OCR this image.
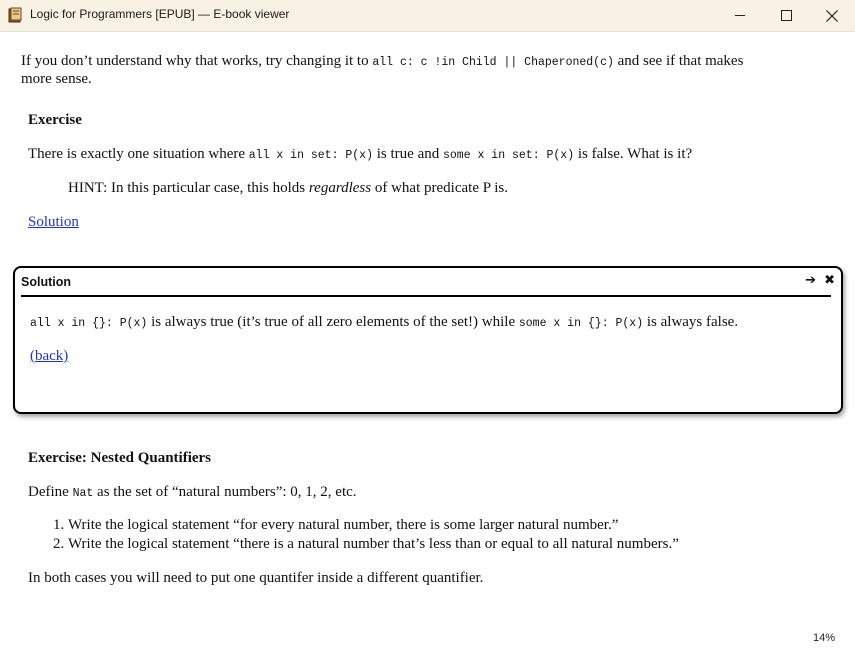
Logic for Programmers [EPUB] — E-book viewer
If you don’t understand why that works, try changing it to all c: c !in Child || Chaperoned(c) and see if that makes
more sense.
Exercise
There is exactly one situation where all x in set: P(x) is true and some x in set: P(x) is false. What is it?
HINT: In this particular case, this holds regardless of what predicate P is.
Solution
Solution	➔ ✖
all x in {}: P(x) is always true (it’s true of all zero elements of the set!) while some x in {}: P(x) is always false.
(back)
Exercise: Nested Quantifiers
Define Nat as the set of “natural numbers”: 0, 1, 2, etc.
1. Write the logical statement “for every natural number, there is some larger natural number.”
2. Write the logical statement “there is a natural number that’s less than or equal to all natural numbers.”
In both cases you will need to put one quantifer inside a different quantifier.
14%
